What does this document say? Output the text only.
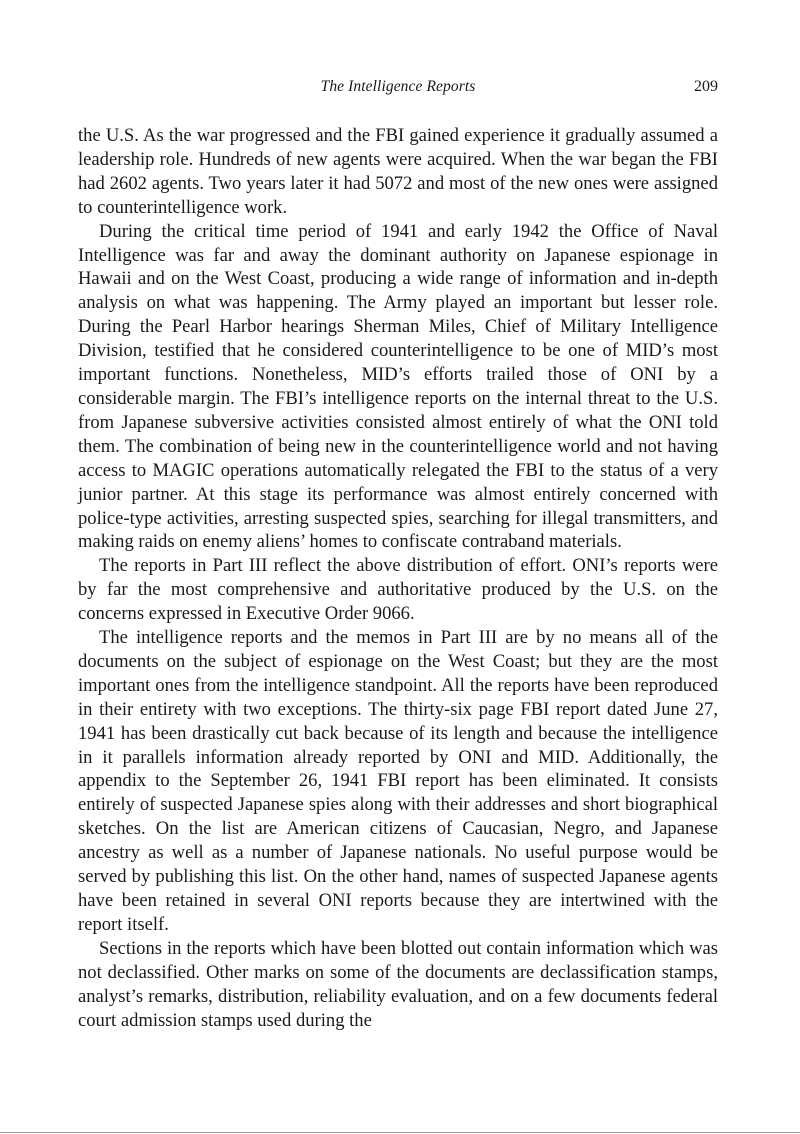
The Intelligence Reports	209

the U.S. As the war progressed and the FBI gained experience it gradually assumed a leadership role. Hundreds of new agents were acquired. When the war began the FBI had 2602 agents. Two years later it had 5072 and most of the new ones were assigned to counterintelligence work.

During the critical time period of 1941 and early 1942 the Office of Naval Intelligence was far and away the dominant authority on Japanese espionage in Hawaii and on the West Coast, producing a wide range of information and in-depth analysis on what was happening. The Army played an important but lesser role. During the Pearl Harbor hearings Sherman Miles, Chief of Military Intelligence Division, testified that he considered counterintelligence to be one of MID’s most important functions. Nonetheless, MID’s efforts trailed those of ONI by a considerable margin. The FBI’s intelligence reports on the internal threat to the U.S. from Japanese subversive activities consisted almost entirely of what the ONI told them. The combination of being new in the counterintelligence world and not having access to MAGIC operations automatically relegated the FBI to the status of a very junior partner. At this stage its performance was almost entirely concerned with police-type activities, arresting suspected spies, searching for illegal transmitters, and making raids on enemy aliens’ homes to confiscate contraband materials.

The reports in Part III reflect the above distribution of effort. ONI’s reports were by far the most comprehensive and authoritative produced by the U.S. on the concerns expressed in Executive Order 9066.

The intelligence reports and the memos in Part III are by no means all of the documents on the subject of espionage on the West Coast; but they are the most important ones from the intelligence standpoint. All the reports have been reproduced in their entirety with two exceptions. The thirty-six page FBI report dated June 27, 1941 has been drastically cut back because of its length and because the intelligence in it parallels information already reported by ONI and MID. Additionally, the appendix to the September 26, 1941 FBI report has been eliminated. It consists entirely of suspected Japanese spies along with their addresses and short biographical sketches. On the list are American citizens of Caucasian, Negro, and Japanese ancestry as well as a number of Japanese nationals. No useful purpose would be served by publishing this list. On the other hand, names of suspected Japanese agents have been retained in several ONI reports because they are intertwined with the report itself.

Sections in the reports which have been blotted out contain information which was not declassified. Other marks on some of the documents are declassification stamps, analyst’s remarks, distribution, reliability evaluation, and on a few documents federal court admission stamps used during the
